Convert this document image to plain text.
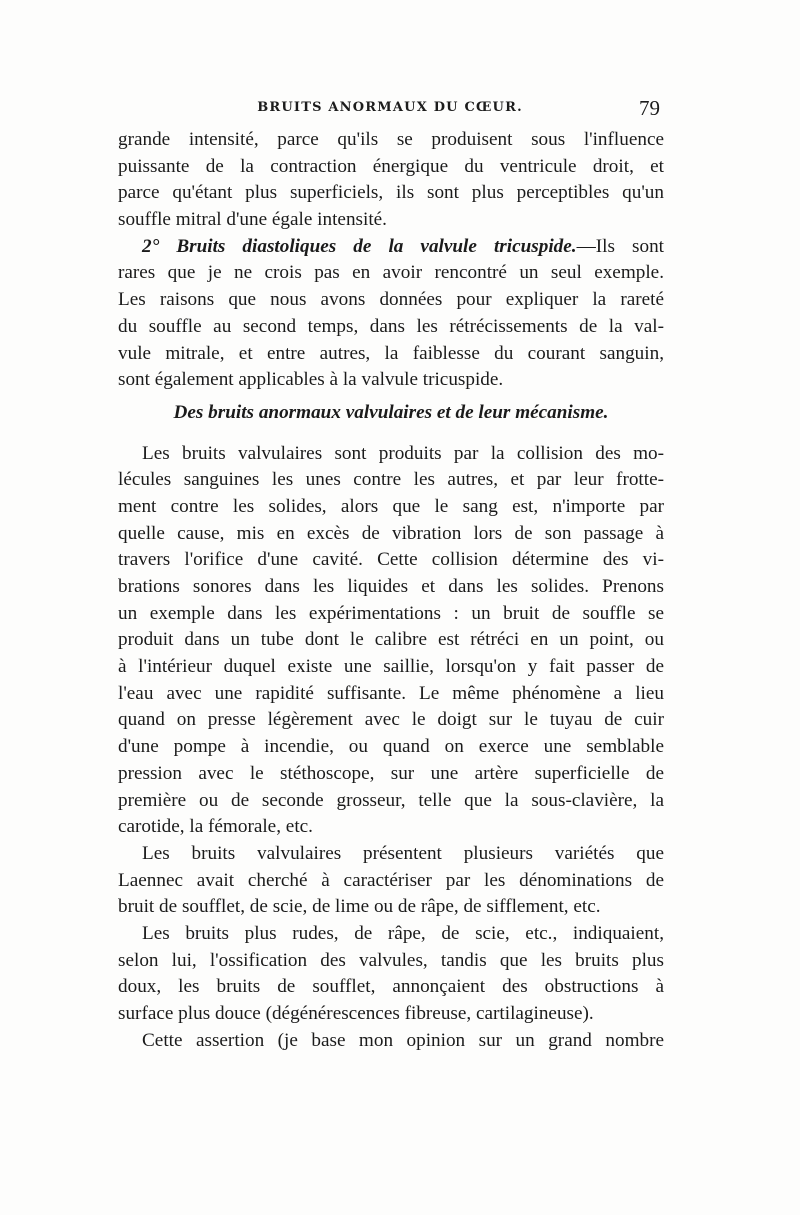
BRUITS ANORMAUX DU CŒUR.	79
grande intensité, parce qu'ils se produisent sous l'influence
puissante de la contraction énergique du ventricule droit, et
parce qu'étant plus superficiels, ils sont plus perceptibles qu'un
souffle mitral d'une égale intensité.
2° Bruits diastoliques de la valvule tricuspide.—Ils sont
rares que je ne crois pas en avoir rencontré un seul exemple.
Les raisons que nous avons données pour expliquer la rareté
du souffle au second temps, dans les rétrécissements de la val-
vule mitrale, et entre autres, la faiblesse du courant sanguin,
sont également applicables à la valvule tricuspide.
Des bruits anormaux valvulaires et de leur mécanisme.
Les bruits valvulaires sont produits par la collision des mo-
lécules sanguines les unes contre les autres, et par leur frotte-
ment contre les solides, alors que le sang est, n'importe par
quelle cause, mis en excès de vibration lors de son passage à
travers l'orifice d'une cavité. Cette collision détermine des vi-
brations sonores dans les liquides et dans les solides. Prenons
un exemple dans les expérimentations : un bruit de souffle se
produit dans un tube dont le calibre est rétréci en un point, ou
à l'intérieur duquel existe une saillie, lorsqu'on y fait passer de
l'eau avec une rapidité suffisante. Le même phénomène a lieu
quand on presse légèrement avec le doigt sur le tuyau de cuir
d'une pompe à incendie, ou quand on exerce une semblable
pression avec le stéthoscope, sur une artère superficielle de
première ou de seconde grosseur, telle que la sous-clavière, la
carotide, la fémorale, etc.
Les bruits valvulaires présentent plusieurs variétés que
Laennec avait cherché à caractériser par les dénominations de
bruit de soufflet, de scie, de lime ou de râpe, de sifflement, etc.
Les bruits plus rudes, de râpe, de scie, etc., indiquaient,
selon lui, l'ossification des valvules, tandis que les bruits plus
doux, les bruits de soufflet, annonçaient des obstructions à
surface plus douce (dégénérescences fibreuse, cartilagineuse).
Cette assertion (je base mon opinion sur un grand nombre
